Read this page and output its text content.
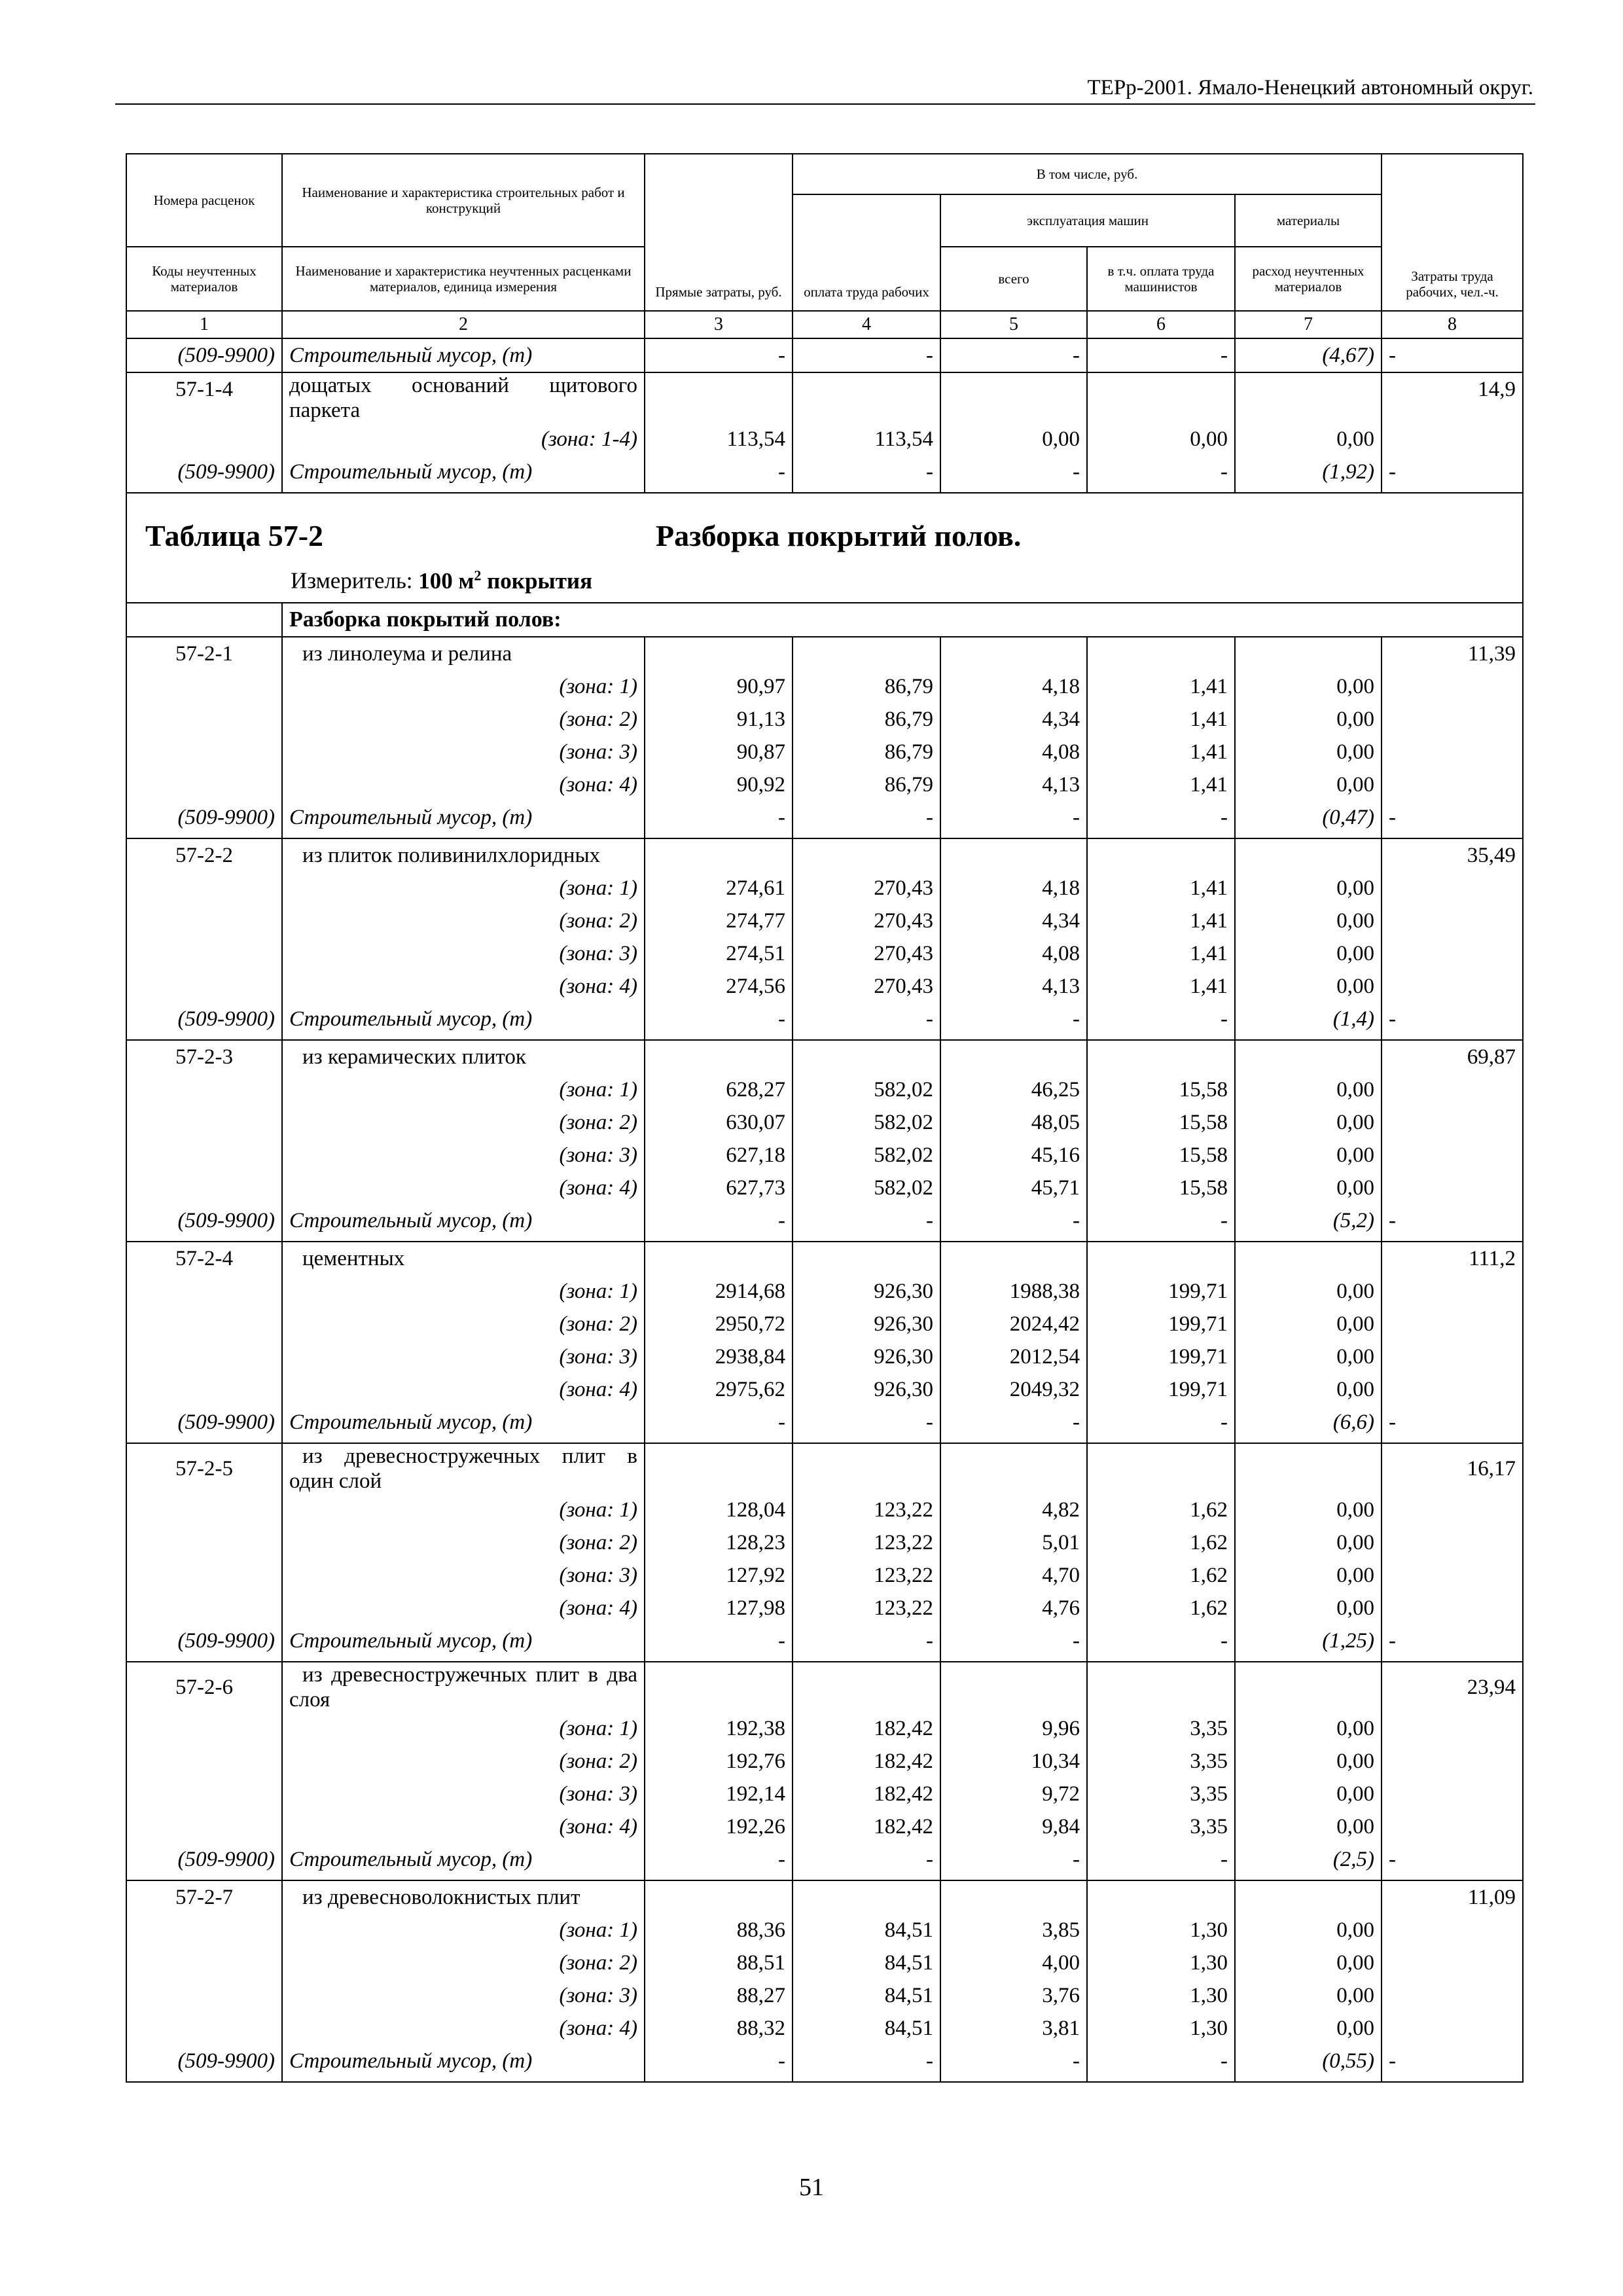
ТЕРр-2001. Ямало-Ненецкий автономный округ.
Номера расценок	Наименование и характеристика строительных работ и конструкций	Прямые затраты, руб.	В том числе, руб.				Затраты труда рабочих, чел.-ч.
			оплата труда рабочих	эксплуатация машин		материалы	
Коды неучтенных материалов	Наименование и характеристика неучтенных расценками материалов, единица измерения			всего	в т.ч. оплата труда машинистов	расход неучтенных материалов	
1	2	3	4	5	6	7	8
(509-9900)	Строительный мусор, (т)	-	-	-	-	(4,67)	-
57-1-4	дощатых оснований щитового паркета						14,9
	(зона: 1-4)	113,54	113,54	0,00	0,00	0,00	
(509-9900)	Строительный мусор, (т)	-	-	-	-	(1,92)	-

Таблица 57-2 Разборка покрытий полов.
Измеритель: 100 $м^2$ покрытия							

	Разборка покрытий полов:						
57-2-1	из линолеума и релина						11,39
	(зона: 1)	90,97	86,79	4,18	1,41	0,00	
	(зона: 2)	91,13	86,79	4,34	1,41	0,00	
	(зона: 3)	90,87	86,79	4,08	1,41	0,00	
	(зона: 4)	90,92	86,79	4,13	1,41	0,00	
(509-9900)	Строительный мусор, (т)	-	-	-	-	(0,47)	-

57-2-2	из плиток поливинилхлоридных						35,49
	(зона: 1)	274,61	270,43	4,18	1,41	0,00	
	(зона: 2)	274,77	270,43	4,34	1,41	0,00	
	(зона: 3)	274,51	270,43	4,08	1,41	0,00	
	(зона: 4)	274,56	270,43	4,13	1,41	0,00	
(509-9900)	Строительный мусор, (т)	-	-	-	-	(1,4)	-

57-2-3	из керамических плиток						69,87
	(зона: 1)	628,27	582,02	46,25	15,58	0,00	
	(зона: 2)	630,07	582,02	48,05	15,58	0,00	
	(зона: 3)	627,18	582,02	45,16	15,58	0,00	
	(зона: 4)	627,73	582,02	45,71	15,58	0,00	
(509-9900)	Строительный мусор, (т)	-	-	-	-	(5,2)	-

57-2-4	цементных						111,2
	(зона: 1)	2914,68	926,30	1988,38	199,71	0,00	
	(зона: 2)	2950,72	926,30	2024,42	199,71	0,00	
	(зона: 3)	2938,84	926,30	2012,54	199,71	0,00	
	(зона: 4)	2975,62	926,30	2049,32	199,71	0,00	
(509-9900)	Строительный мусор, (т)	-	-	-	-	(6,6)	-

57-2-5	из древесностружечных плит в один слой						16,17
	(зона: 1)	128,04	123,22	4,82	1,62	0,00	
	(зона: 2)	128,23	123,22	5,01	1,62	0,00	
	(зона: 3)	127,92	123,22	4,70	1,62	0,00	
	(зона: 4)	127,98	123,22	4,76	1,62	0,00	
(509-9900)	Строительный мусор, (т)	-	-	-	-	(1,25)	-

57-2-6	из древесностружечных плит в два слоя						23,94
	(зона: 1)	192,38	182,42	9,96	3,35	0,00	
	(зона: 2)	192,76	182,42	10,34	3,35	0,00	
	(зона: 3)	192,14	182,42	9,72	3,35	0,00	
	(зона: 4)	192,26	182,42	9,84	3,35	0,00	
(509-9900)	Строительный мусор, (т)	-	-	-	-	(2,5)	-

57-2-7	из древесноволокнистых плит						11,09
	(зона: 1)	88,36	84,51	3,85	1,30	0,00	
	(зона: 2)	88,51	84,51	4,00	1,30	0,00	
	(зона: 3)	88,27	84,51	3,76	1,30	0,00	
	(зона: 4)	88,32	84,51	3,81	1,30	0,00	
(509-9900)	Строительный мусор, (т)	-	-	-	-	(0,55)	-

51
